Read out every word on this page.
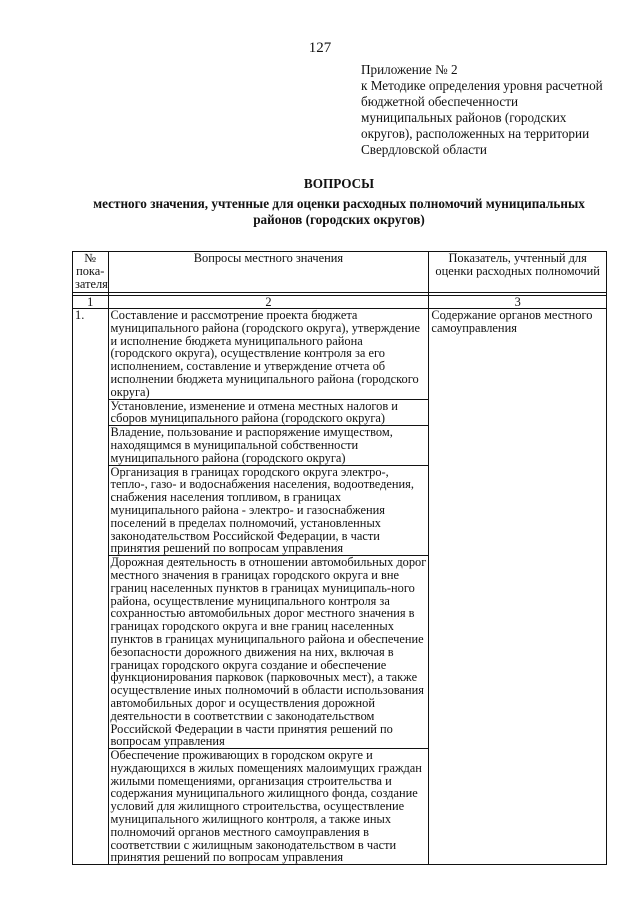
127
Приложение № 2
к Методике определения уровня расчетной
бюджетной обеспеченности
муниципальных районов (городских
округов), расположенных на территории
Свердловской области
ВОПРОСЫ
местного значения, учтенные для оценки расходных полномочий муниципальных
районов (городских округов)
№ пока-зателя	Вопросы местного значения	Показатель, учтенный для оценки расходных полномочий

1	2	3
1.	Составление и рассмотрение проекта бюджета муниципального района (городского округа), утверждение и исполнение бюджета муниципального района (городского округа), осуществление контроля за его исполнением, составление и утверждение отчета об исполнении бюджета муниципального района (городского округа)	Содержание органов местного самоуправления
	Установление, изменение и отмена местных налогов и сборов муниципального района (городского округа)	
	Владение, пользование и распоряжение имуществом, находящимся в муниципальной собственности муниципального района (городского округа)	
	Организация в границах городского округа электро-, тепло-, газо- и водоснабжения населения, водоотведения, снабжения населения топливом, в границах муниципального района - электро- и газоснабжения поселений в пределах полномочий, установленных законодательством Российской Федерации, в части принятия решений по вопросам управления	
	Дорожная деятельность в отношении автомобильных дорог местного значения в границах городского округа и вне границ населенных пунктов в границах муниципаль-ного района, осуществление муниципального контроля за сохранностью автомобильных дорог местного значения в границах городского округа и вне границ населенных пунктов в границах муниципального района и обеспечение безопасности дорожного движения на них, включая в границах городского округа создание и обеспечение функционирования парковок (парковочных мест), а также осуществление иных полномочий в области использования автомобильных дорог и осуществления дорожной деятельности в соответствии с законодательством Российской Федерации в части принятия решений по вопросам управления	
	Обеспечение проживающих в городском округе и нуждающихся в жилых помещениях малоимущих граждан жилыми помещениями, организация строительства и содержания муниципального жилищного фонда, создание условий для жилищного строительства, осуществление муниципального жилищного контроля, а также иных полномочий органов местного самоуправления в соответствии с жилищным законодательством в части принятия решений по вопросам управления	
